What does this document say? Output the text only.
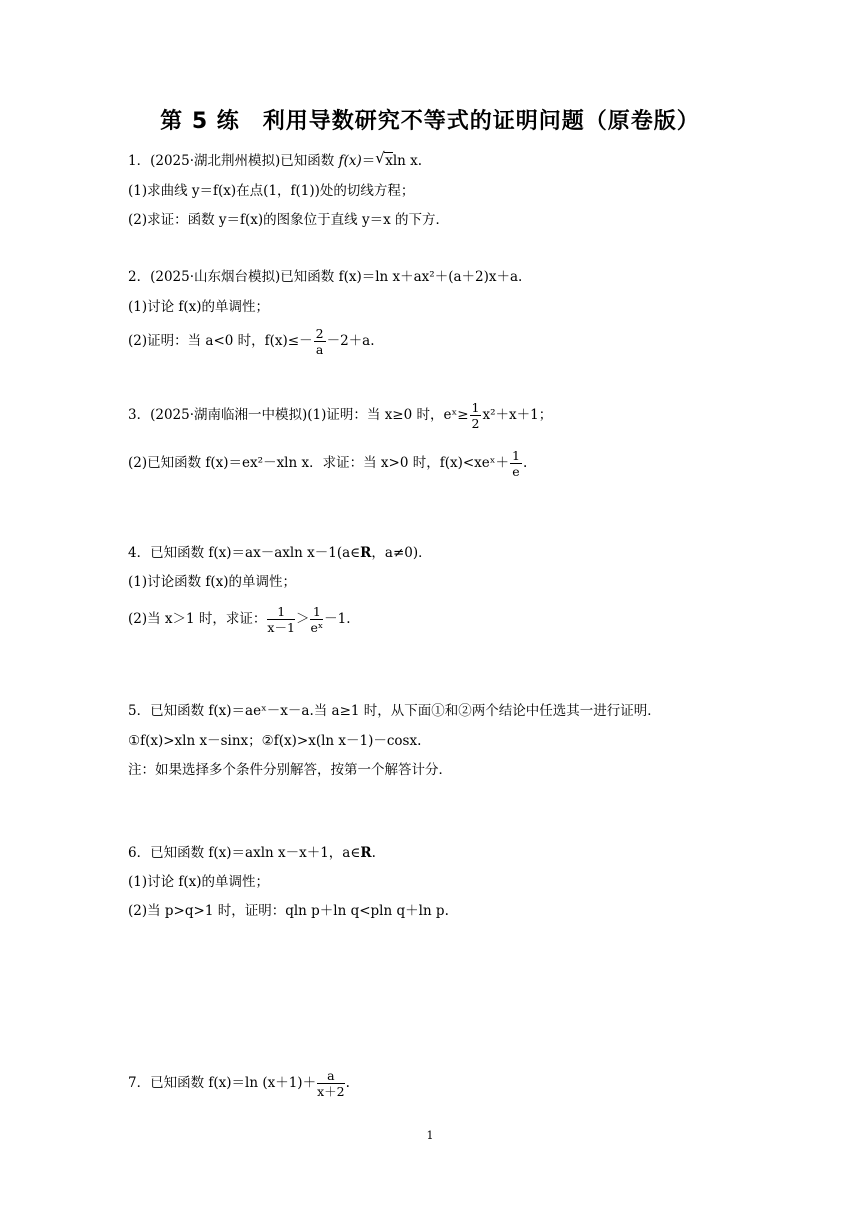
第 5 练　利用导数研究不等式的证明问题（原卷版）
1．(2025·湖北荆州模拟)已知函数 f(x)＝ √ xln x.
(1)求曲线 y＝f(x)在点(1，f(1))处的切线方程；
(2)求证：函数 y＝f(x)的图象位于直线 y＝x 的下方．
2．(2025·山东烟台模拟)已知函数 f(x)＝ln x＋ax²＋(a＋2)x＋a.
(1)讨论 f(x)的单调性；
(2)证明：当 a<0 时，$f(x)\le- \frac{2}{a} -2+a$.
3．(2025·湖南临湘一中模拟)(1)证明：当 x≥0 时，eˣ≥ $\frac{1}{2} x^2+x+1$；
(2)已知函数 f(x)＝ex²－xln x．求证：当 x>0 时，f(x)<xeˣ＋ $\frac{1}{e}$ .
4．已知函数 f(x)＝ax－axln x－1(a∈R，a≠0)．
(1)讨论函数 f(x)的单调性；
(2)当 x＞1 时，求证： $\frac{1}{x-1} > \frac{1}{\text{eˣ}} -1$.
5．已知函数 f(x)＝aeˣ－x－a.当 a≥1 时，从下面①和②两个结论中任选其一进行证明．
①f(x)>xln x－sinx；②f(x)>x(ln x－1)－cosx.
注：如果选择多个条件分别解答，按第一个解答计分．
6．已知函数 f(x)＝axln x－x＋1，a∈R.
(1)讨论 f(x)的单调性；
(2)当 p>q>1 时，证明：qln p＋ln q<pln q＋ln p.
7．已知函数 f(x)＝ln $(x+1)+ \frac{a}{x+2}$ .
1
